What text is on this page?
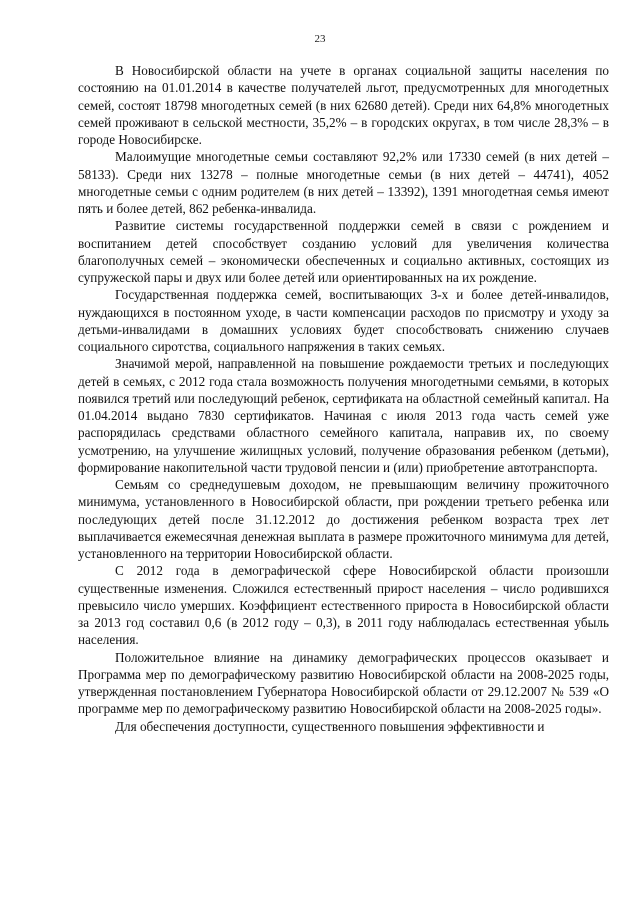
23

В Новосибирской области на учете в органах социальной защиты населения по состоянию на 01.01.2014 в качестве получателей льгот, предусмотренных для многодетных семей, состоят 18798 многодетных семей (в них 62680 детей). Среди них 64,8% многодетных семей проживают в сельской местности, 35,2% – в городских округах, в том числе 28,3% – в городе Новосибирске.

Малоимущие многодетные семьи составляют 92,2% или 17330 семей (в них детей – 58133). Среди них 13278 – полные многодетные семьи (в них детей – 44741), 4052 многодетные семьи с одним родителем (в них детей – 13392), 1391 многодетная семья имеют пять и более детей, 862 ребенка-инвалида.

Развитие системы государственной поддержки семей в связи с рождением и воспитанием детей способствует созданию условий для увеличения количества благополучных семей – экономически обеспеченных и социально активных, состоящих из супружеской пары и двух или более детей или ориентированных на их рождение.

Государственная поддержка семей, воспитывающих 3-х и более детей-инвалидов, нуждающихся в постоянном уходе, в части компенсации расходов по присмотру и уходу за детьми-инвалидами в домашних условиях будет способствовать снижению случаев социального сиротства, социального напряжения в таких семьях.

Значимой мерой, направленной на повышение рождаемости третьих и последующих детей в семьях, с 2012 года стала возможность получения многодетными семьями, в которых появился третий или последующий ребенок, сертификата на областной семейный капитал. На 01.04.2014 выдано 7830 сертификатов. Начиная с июля 2013 года часть семей уже распорядилась средствами областного семейного капитала, направив их, по своему усмотрению, на улучшение жилищных условий, получение образования ребенком (детьми), формирование накопительной части трудовой пенсии и (или) приобретение автотранспорта.

Семьям со среднедушевым доходом, не превышающим величину прожиточного минимума, установленного в Новосибирской области, при рождении третьего ребенка или последующих детей после 31.12.2012 до достижения ребенком возраста трех лет выплачивается ежемесячная денежная выплата в размере прожиточного минимума для детей, установленного на территории Новосибирской области.

С 2012 года в демографической сфере Новосибирской области произошли существенные изменения. Сложился естественный прирост населения – число родившихся превысило число умерших. Коэффициент естественного прироста в Новосибирской области за 2013 год составил 0,6 (в 2012 году – 0,3), в 2011 году наблюдалась естественная убыль населения.

Положительное влияние на динамику демографических процессов оказывает и Программа мер по демографическому развитию Новосибирской области на 2008-2025 годы, утвержденная постановлением Губернатора Новосибирской области от 29.12.2007 № 539 «О программе мер по демографическому развитию Новосибирской области на 2008-2025 годы».

Для обеспечения доступности, существенного повышения эффективности и
